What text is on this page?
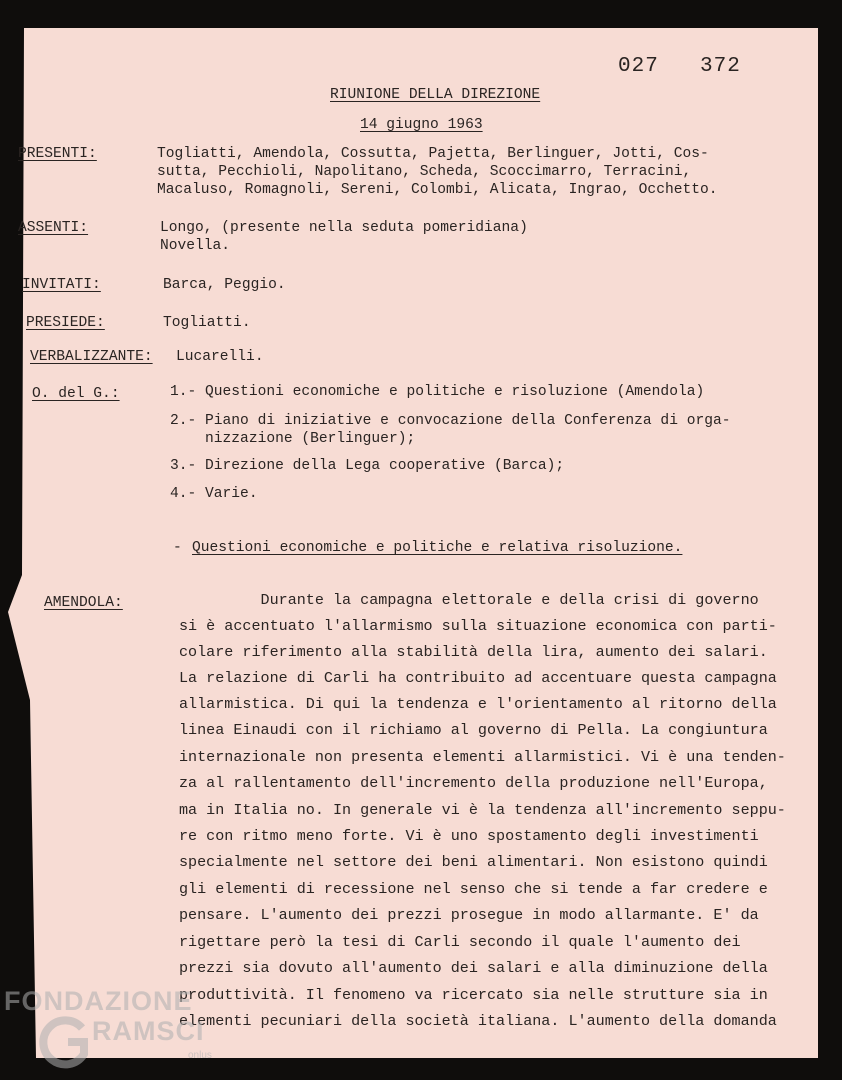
027 372
RIUNIONE DELLA DIREZIONE
14 giugno 1963
PRESENTI:	Togliatti, Amendola, Cossutta, Pajetta, Berlinguer, Jotti, Cos-
sutta, Pecchioli, Napolitano, Scheda, Scoccimarro, Terracini,
Macaluso, Romagnoli, Sereni, Colombi, Alicata, Ingrao, Occhetto.
ASSENTI:	Longo, (presente nella seduta pomeridiana)
Novella.
INVITATI:	Barca, Peggio.
PRESIEDE:	Togliatti.
VERBALIZZANTE: Lucarelli.
O. del G.:	1.- Questioni economiche e politiche e risoluzione (Amendola)
2.- Piano di iniziative e convocazione della Conferenza di orga-
nizzazione (Berlinguer);
3.- Direzione della Lega cooperative (Barca);
4.- Varie.
- Questioni economiche e politiche e relativa risoluzione.
AMENDOLA:	Durante la campagna elettorale e della crisi di governo
si è accentuato l'allarmismo sulla situazione economica con parti-
colare riferimento alla stabilità della lira, aumento dei salari.
La relazione di Carli ha contribuito ad accentuare questa campagna
allarmistica. Di qui la tendenza e l'orientamento al ritorno della
linea Einaudi con il richiamo al governo di Pella. La congiuntura
internazionale non presenta elementi allarmistici. Vi è una tenden-
za al rallentamento dell'incremento della produzione nell'Europa,
ma in Italia no. In generale vi è la tendenza all'incremento seppu-
re con ritmo meno forte. Vi è uno spostamento degli investimenti
specialmente nel settore dei beni alimentari. Non esistono quindi
gli elementi di recessione nel senso che si tende a far credere e
pensare. L'aumento dei prezzi prosegue in modo allarmante. E' da
rigettare però la tesi di Carli secondo il quale l'aumento dei
prezzi sia dovuto all'aumento dei salari e alla diminuzione della
produttività. Il fenomeno va ricercato sia nelle strutture sia in
elementi pecuniari della società italiana. L'aumento della domanda
FONDAZIONE
RAMSCI
onlus
